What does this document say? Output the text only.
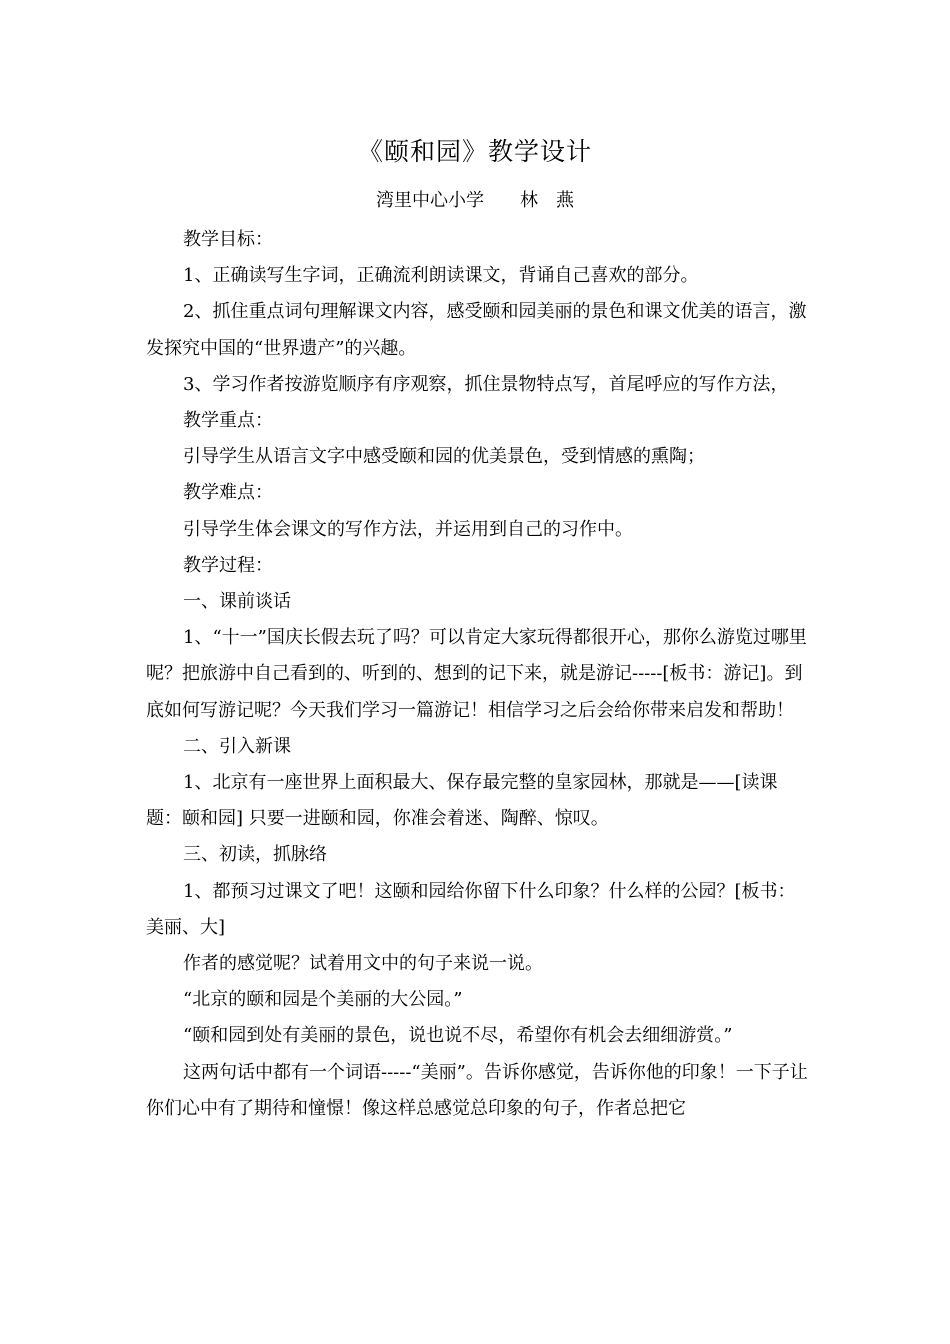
《颐和园》教学设计
湾里中心小学　　林　燕

教学目标：

1、正确读写生字词，正确流利朗读课文，背诵自己喜欢的部分。

2、抓住重点词句理解课文内容，感受颐和园美丽的景色和课文优美的语言，激发探究中国的“世界遗产”的兴趣。

3、学习作者按游览顺序有序观察，抓住景物特点写，首尾呼应的写作方法，

教学重点：

引导学生从语言文字中感受颐和园的优美景色，受到情感的熏陶；

教学难点：

引导学生体会课文的写作方法，并运用到自己的习作中。

教学过程：

一、课前谈话

1、“十一”国庆长假去玩了吗？可以肯定大家玩得都很开心，那你么游览过哪里呢？把旅游中自己看到的、听到的、想到的记下来，就是游记-----[板书：游记]。到底如何写游记呢？今天我们学习一篇游记！相信学习之后会给你带来启发和帮助！

二、引入新课

1、北京有一座世界上面积最大、保存最完整的皇家园林，那就是——[读课题：颐和园] 只要一进颐和园，你准会着迷、陶醉、惊叹。

三、初读，抓脉络

1、都预习过课文了吧！这颐和园给你留下什么印象？什么样的公园？[板书：美丽、大]

作者的感觉呢？试着用文中的句子来说一说。

“北京的颐和园是个美丽的大公园。”

“颐和园到处有美丽的景色，说也说不尽，希望你有机会去细细游赏。”

这两句话中都有一个词语-----“美丽”。告诉你感觉，告诉你他的印象！一下子让你们心中有了期待和憧憬！像这样总感觉总印象的句子，作者总把它
